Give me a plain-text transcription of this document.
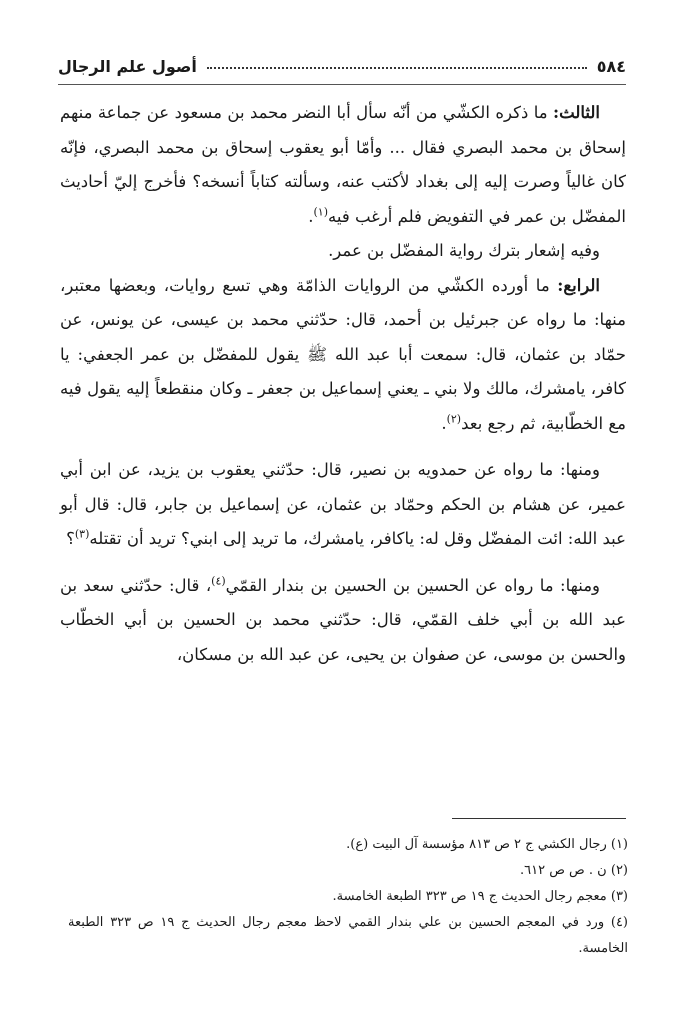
٥٨٤
أصول علم الرجال

الثالث: ما ذكره الكشّي من أنّه سأل أبا النضر محمد بن مسعود عن جماعة منهم إسحاق بن محمد البصري فقال ... وأمّا أبو يعقوب إسحاق بن محمد البصري، فإنّه كان غالياً وصرت إليه إلى بغداد لأكتب عنه، وسألته كتاباً أنسخه؟ فأخرج إليّ أحاديث المفضّل بن عمر في التفويض فلم أرغب فيه$^{(١)}$.

وفيه إشعار بترك رواية المفضّل بن عمر.

الرابع: ما أورده الكشّي من الروايات الذامّة وهي تسع روايات، وبعضها معتبر، منها: ما رواه عن جبرئيل بن أحمد، قال: حدّثني محمد بن عيسى، عن يونس، عن حمّاد بن عثمان، قال: سمعت أبا عبد الله ﷺ يقول للمفضّل بن عمر الجعفي: يا كافر، يامشرك، مالك ولا بني ـ يعني إسماعيل بن جعفر ـ وكان منقطعاً إليه يقول فيه مع الخطّابية، ثم رجع بعد$^{(٢)}$.

ومنها: ما رواه عن حمدويه بن نصير، قال: حدّثني يعقوب بن يزيد، عن ابن أبي عمير، عن هشام بن الحكم وحمّاد بن عثمان، عن إسماعيل بن جابر، قال: قال أبو عبد الله: ائت المفضّل وقل له: ياكافر، يامشرك، ما تريد إلى ابني؟ تريد أن تقتله$^{(٣)}$؟

ومنها: ما رواه عن الحسين بن الحسين بن بندار القمّي$^{(٤)}$، قال: حدّثني سعد بن عبد الله بن أبي خلف القمّي، قال: حدّثني محمد بن الحسين بن أبي الخطّاب والحسن بن موسى، عن صفوان بن يحيى، عن عبد الله بن مسكان،

(١) رجال الكشي ج ٢ ص ٨١٣ مؤسسة آل البيت (ع).

(٢) ن . ص ص ٦١٢.

(٣) معجم رجال الحديث ج ١٩ ص ٣٢٣ الطبعة الخامسة.

(٤) ورد في المعجم الحسين بن علي بندار القمي لاحظ معجم رجال الحديث ج ١٩ ص ٣٢٣ الطبعة الخامسة.
